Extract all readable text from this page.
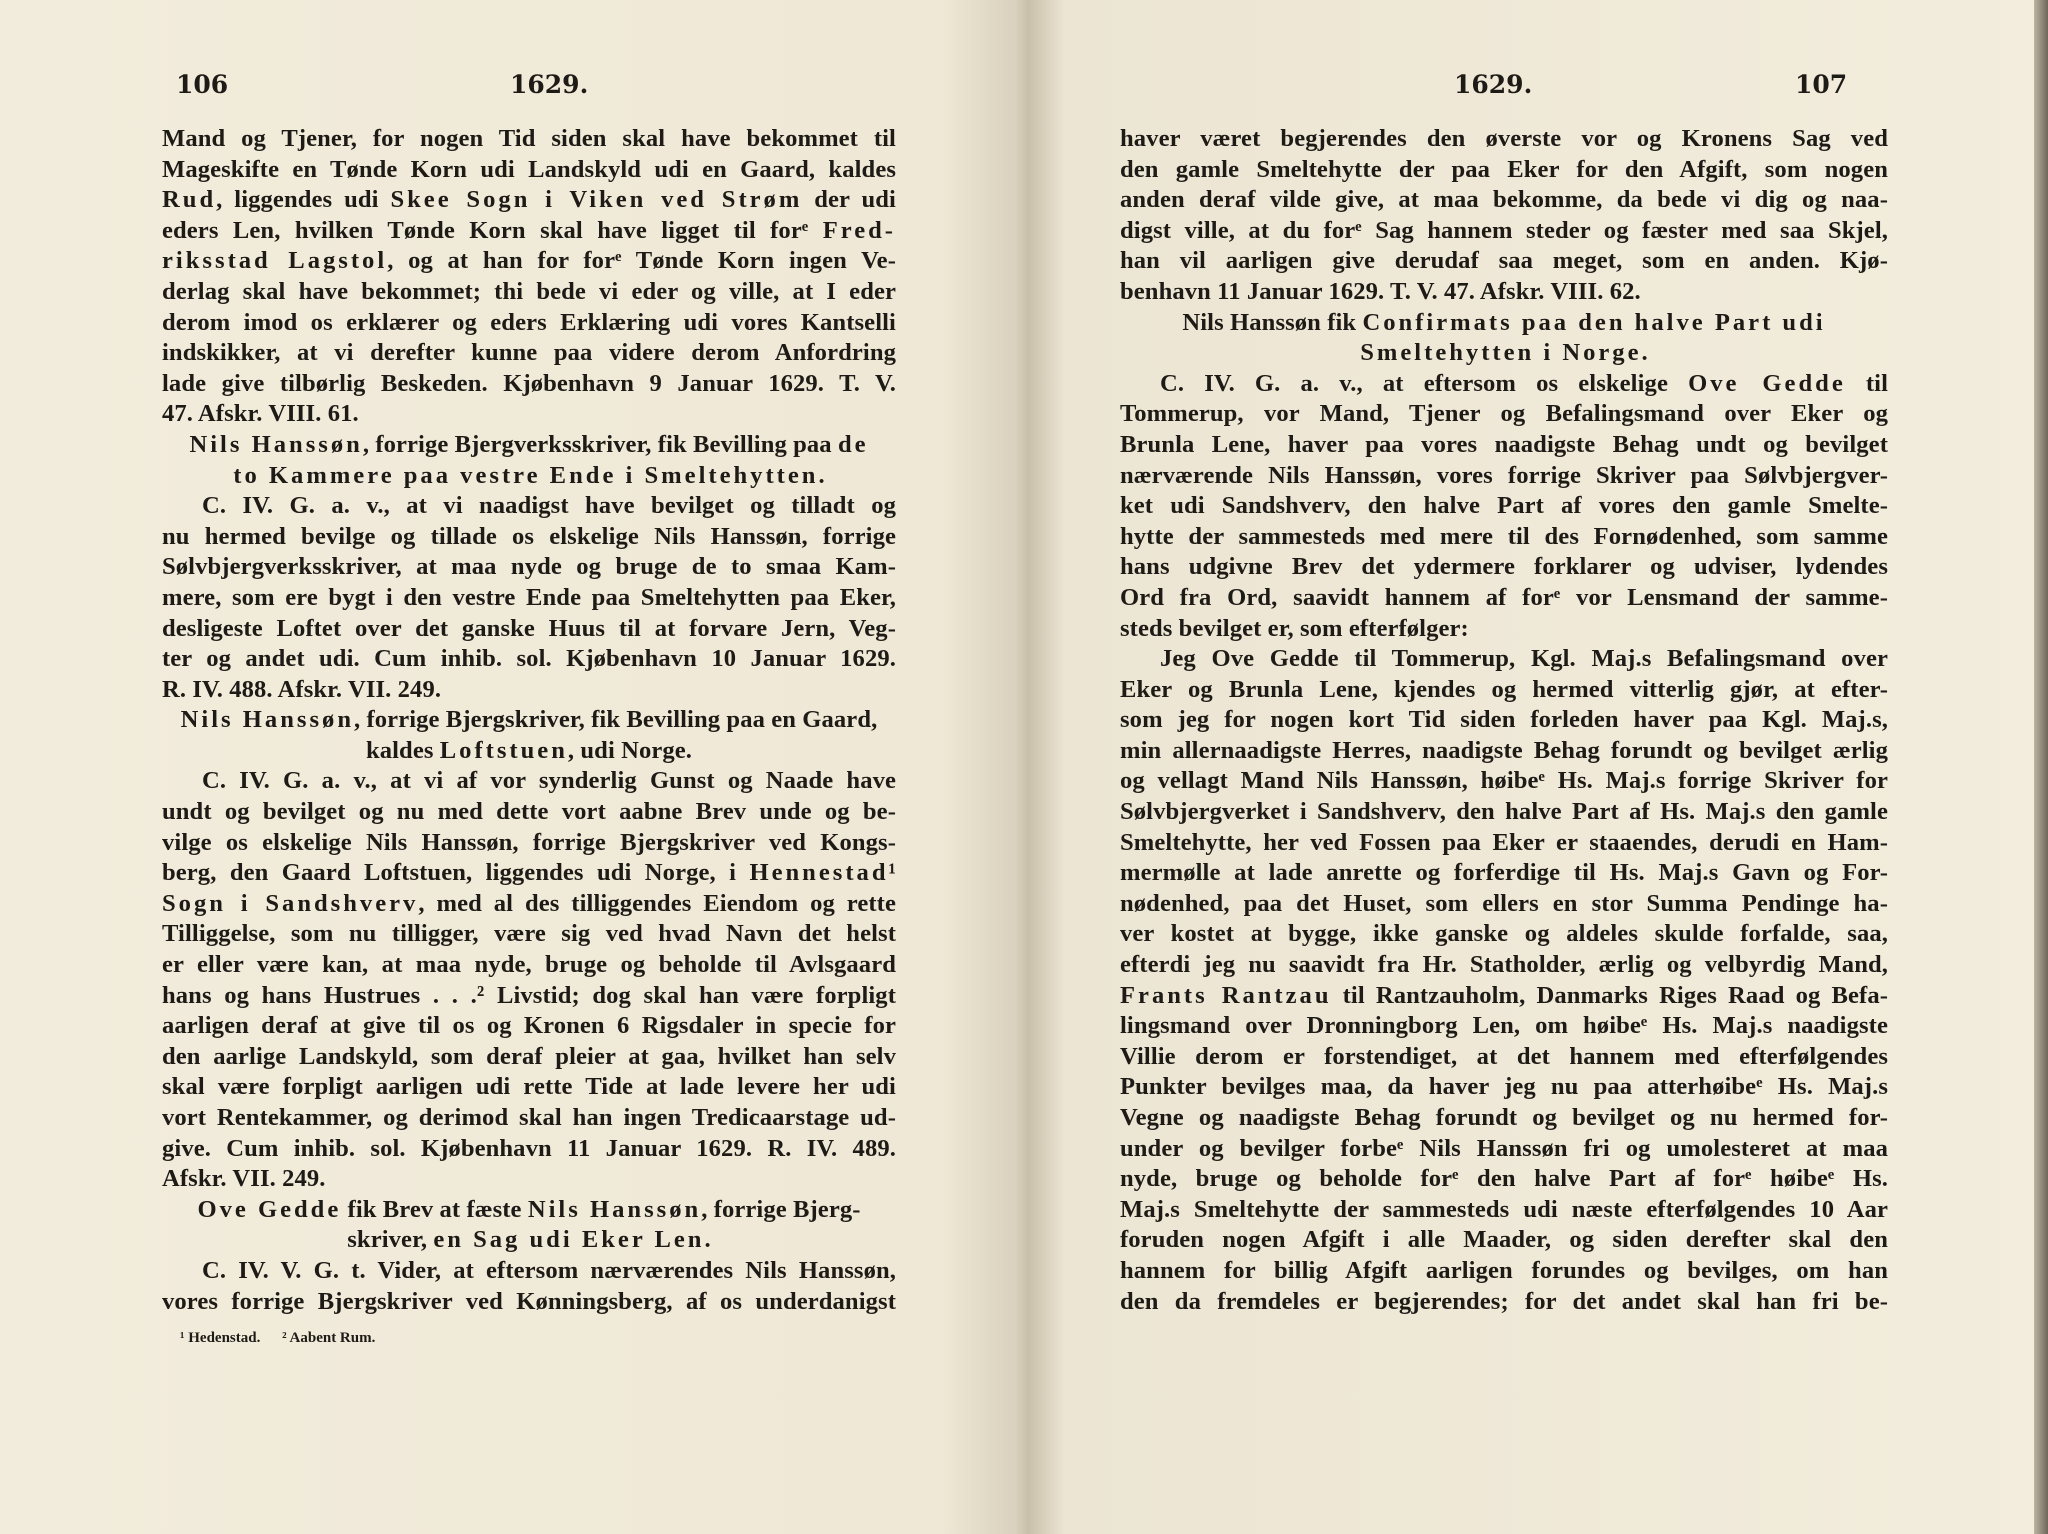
106	1629.

Mand og Tjener, for nogen Tid siden skal have bekommet til

Mageskifte en Tønde Korn udi Landskyld udi en Gaard, kaldes

Rud, liggendes udi Skee Sogn i Viken ved Strøm der udi

eders Len, hvilken Tønde Korn skal have ligget til forᵉ Fred-

riksstad Lagstol, og at han for forᵉ Tønde Korn ingen Ve-

derlag skal have bekommet; thi bede vi eder og ville, at I eder

derom imod os erklærer og eders Erklæring udi vores Kantselli

indskikker, at vi derefter kunne paa videre derom Anfordring

lade give tilbørlig Beskeden. Kjøbenhavn 9 Januar 1629. T. V.

47. Afskr. VIII. 61.

Nils Hanssøn, forrige Bjergverksskriver, fik Bevilling paa de

to Kammere paa vestre Ende i Smeltehytten.

C. IV. G. a. v., at vi naadigst have bevilget og tilladt og

nu hermed bevilge og tillade os elskelige Nils Hanssøn, forrige

Sølvbjergverksskriver, at maa nyde og bruge de to smaa Kam-

mere, som ere bygt i den vestre Ende paa Smeltehytten paa Eker,

desligeste Loftet over det ganske Huus til at forvare Jern, Veg-

ter og andet udi. Cum inhib. sol. Kjøbenhavn 10 Januar 1629.

R. IV. 488. Afskr. VII. 249.

Nils Hanssøn, forrige Bjergskriver, fik Bevilling paa en Gaard,

kaldes Loftstuen, udi Norge.

C. IV. G. a. v., at vi af vor synderlig Gunst og Naade have

undt og bevilget og nu med dette vort aabne Brev unde og be-

vilge os elskelige Nils Hanssøn, forrige Bjergskriver ved Kongs-

berg, den Gaard Loftstuen, liggendes udi Norge, i Hennestad¹

Sogn i Sandshverv, med al des tilliggendes Eiendom og rette

Tilliggelse, som nu tilligger, være sig ved hvad Navn det helst

er eller være kan, at maa nyde, bruge og beholde til Avlsgaard

hans og hans Hustrues . . .² Livstid; dog skal han være forpligt

aarligen deraf at give til os og Kronen 6 Rigsdaler in specie for

den aarlige Landskyld, som deraf pleier at gaa, hvilket han selv

skal være forpligt aarligen udi rette Tide at lade levere her udi

vort Rentekammer, og derimod skal han ingen Tredicaarstage ud-

give. Cum inhib. sol. Kjøbenhavn 11 Januar 1629. R. IV. 489.

Afskr. VII. 249.

Ove Gedde fik Brev at fæste Nils Hanssøn, forrige Bjerg-

skriver, en Sag udi Eker Len.

C. IV. V. G. t. Vider, at eftersom nærværendes Nils Hanssøn,

vores forrige Bjergskriver ved Kønningsberg, af os underdanigst

¹ Hedenstad. ² Aabent Rum.
1629.	107

haver været begjerendes den øverste vor og Kronens Sag ved

den gamle Smeltehytte der paa Eker for den Afgift, som nogen

anden deraf vilde give, at maa bekomme, da bede vi dig og naa-

digst ville, at du forᵉ Sag hannem steder og fæster med saa Skjel,

han vil aarligen give derudaf saa meget, som en anden. Kjø-

benhavn 11 Januar 1629. T. V. 47. Afskr. VIII. 62.

Nils Hanssøn fik Confirmats paa den halve Part udi

Smeltehytten i Norge.

C. IV. G. a. v., at eftersom os elskelige Ove Gedde til

Tommerup, vor Mand, Tjener og Befalingsmand over Eker og

Brunla Lene, haver paa vores naadigste Behag undt og bevilget

nærværende Nils Hanssøn, vores forrige Skriver paa Sølvbjergver-

ket udi Sandshverv, den halve Part af vores den gamle Smelte-

hytte der sammesteds med mere til des Fornødenhed, som samme

hans udgivne Brev det ydermere forklarer og udviser, lydendes

Ord fra Ord, saavidt hannem af forᵉ vor Lensmand der samme-

steds bevilget er, som efterfølger:

Jeg Ove Gedde til Tommerup, Kgl. Maj.s Befalingsmand over

Eker og Brunla Lene, kjendes og hermed vitterlig gjør, at efter-

som jeg for nogen kort Tid siden forleden haver paa Kgl. Maj.s,

min allernaadigste Herres, naadigste Behag forundt og bevilget ærlig

og vellagt Mand Nils Hanssøn, høibeᵉ Hs. Maj.s forrige Skriver for

Sølvbjergverket i Sandshverv, den halve Part af Hs. Maj.s den gamle

Smeltehytte, her ved Fossen paa Eker er staaendes, derudi en Ham-

mermølle at lade anrette og forferdige til Hs. Maj.s Gavn og For-

nødenhed, paa det Huset, som ellers en stor Summa Pendinge ha-

ver kostet at bygge, ikke ganske og aldeles skulde forfalde, saa,

efterdi jeg nu saavidt fra Hr. Statholder, ærlig og velbyrdig Mand,

Frants Rantzau til Rantzauholm, Danmarks Riges Raad og Befa-

lingsmand over Dronningborg Len, om høibeᵉ Hs. Maj.s naadigste

Villie derom er forstendiget, at det hannem med efterfølgendes

Punkter bevilges maa, da haver jeg nu paa atterhøibeᵉ Hs. Maj.s

Vegne og naadigste Behag forundt og bevilget og nu hermed for-

under og bevilger forbeᵉ Nils Hanssøn fri og umolesteret at maa

nyde, bruge og beholde forᵉ den halve Part af forᵉ høibeᵉ Hs.

Maj.s Smeltehytte der sammesteds udi næste efterfølgendes 10 Aar

foruden nogen Afgift i alle Maader, og siden derefter skal den

hannem for billig Afgift aarligen forundes og bevilges, om han

den da fremdeles er begjerendes; for det andet skal han fri be-
